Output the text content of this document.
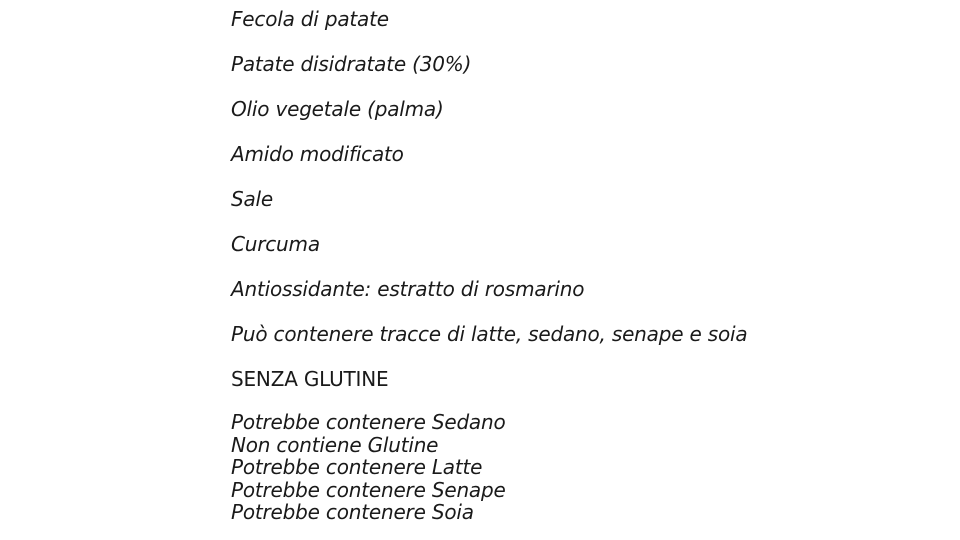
Fecola di patate
Patate disidratate (30%)
Olio vegetale (palma)
Amido modificato
Sale
Curcuma
Antiossidante: estratto di rosmarino
Può contenere tracce di latte, sedano, senape e soia
SENZA GLUTINE
Potrebbe contenere Sedano
Non contiene Glutine
Potrebbe contenere Latte
Potrebbe contenere Senape
Potrebbe contenere Soia
